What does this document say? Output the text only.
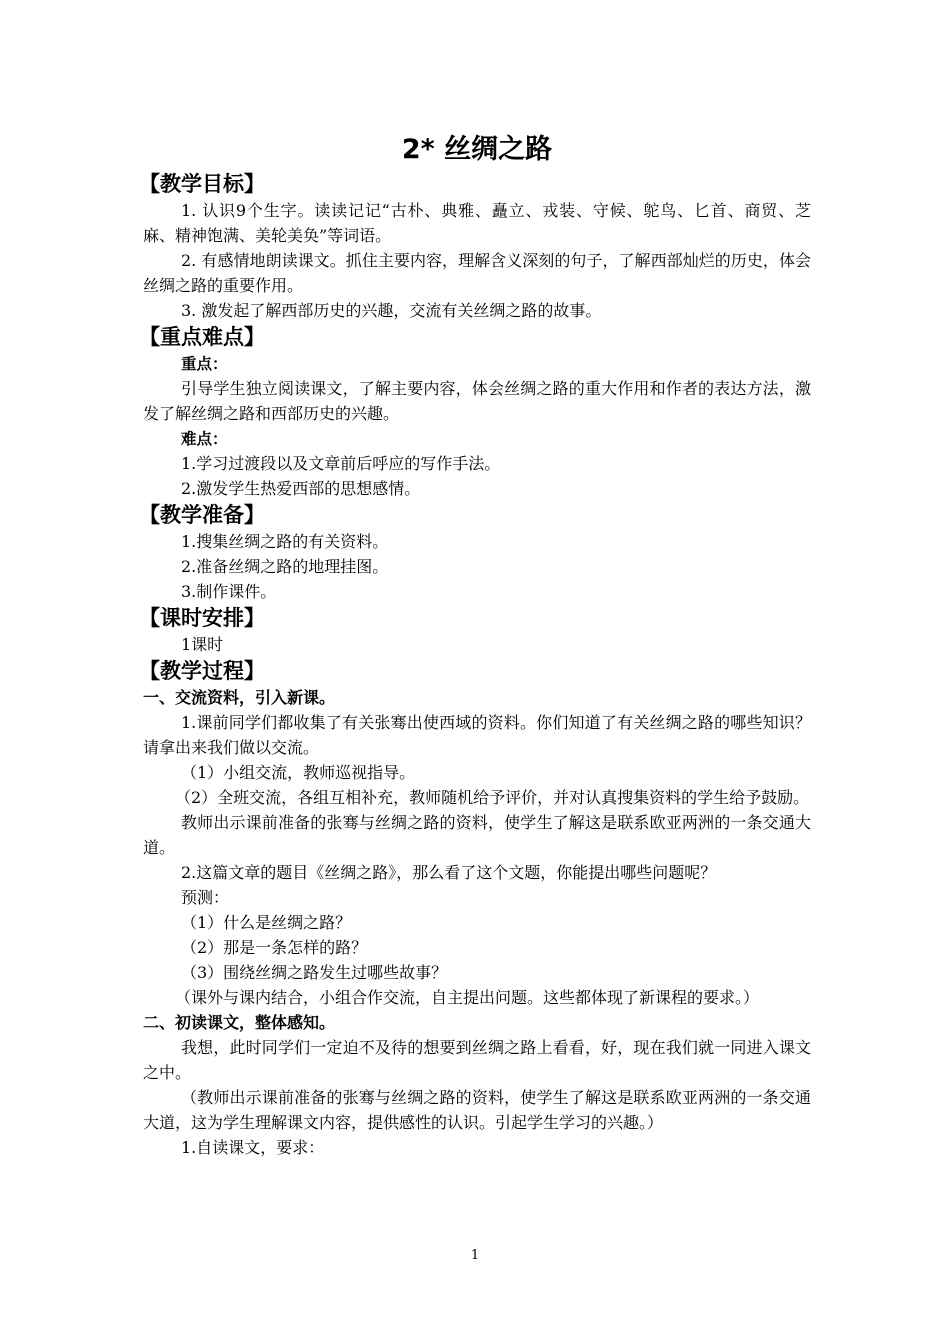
2* 丝绸之路
【教学目标】

1. 认识9个生字。读读记记“古朴、典雅、矗立、戎装、守候、鸵鸟、匕首、商贸、芝麻、精神饱满、美轮美奂”等词语。

2. 有感情地朗读课文。抓住主要内容，理解含义深刻的句子，了解西部灿烂的历史，体会丝绸之路的重要作用。

3. 激发起了解西部历史的兴趣，交流有关丝绸之路的故事。

【重点难点】

重点：

引导学生独立阅读课文，了解主要内容，体会丝绸之路的重大作用和作者的表达方法，激发了解丝绸之路和西部历史的兴趣。

难点：

1.学习过渡段以及文章前后呼应的写作手法。

2.激发学生热爱西部的思想感情。

【教学准备】

1.搜集丝绸之路的有关资料。

2.准备丝绸之路的地理挂图。

3.制作课件。

【课时安排】

1课时

【教学过程】

一、交流资料，引入新课。

1.课前同学们都收集了有关张骞出使西域的资料。你们知道了有关丝绸之路的哪些知识？请拿出来我们做以交流。

（1）小组交流，教师巡视指导。

（2）全班交流，各组互相补充，教师随机给予评价，并对认真搜集资料的学生给予鼓励。

教师出示课前准备的张骞与丝绸之路的资料，使学生了解这是联系欧亚两洲的一条交通大道。

2.这篇文章的题目《丝绸之路》，那么看了这个文题，你能提出哪些问题呢？

预测：

（1）什么是丝绸之路？

（2）那是一条怎样的路？

（3）围绕丝绸之路发生过哪些故事？

（课外与课内结合，小组合作交流，自主提出问题。这些都体现了新课程的要求。）

二、初读课文，整体感知。

我想，此时同学们一定迫不及待的想要到丝绸之路上看看，好，现在我们就一同进入课文之中。

（教师出示课前准备的张骞与丝绸之路的资料，使学生了解这是联系欧亚两洲的一条交通大道，这为学生理解课文内容，提供感性的认识。引起学生学习的兴趣。）

1.自读课文，要求：

1
